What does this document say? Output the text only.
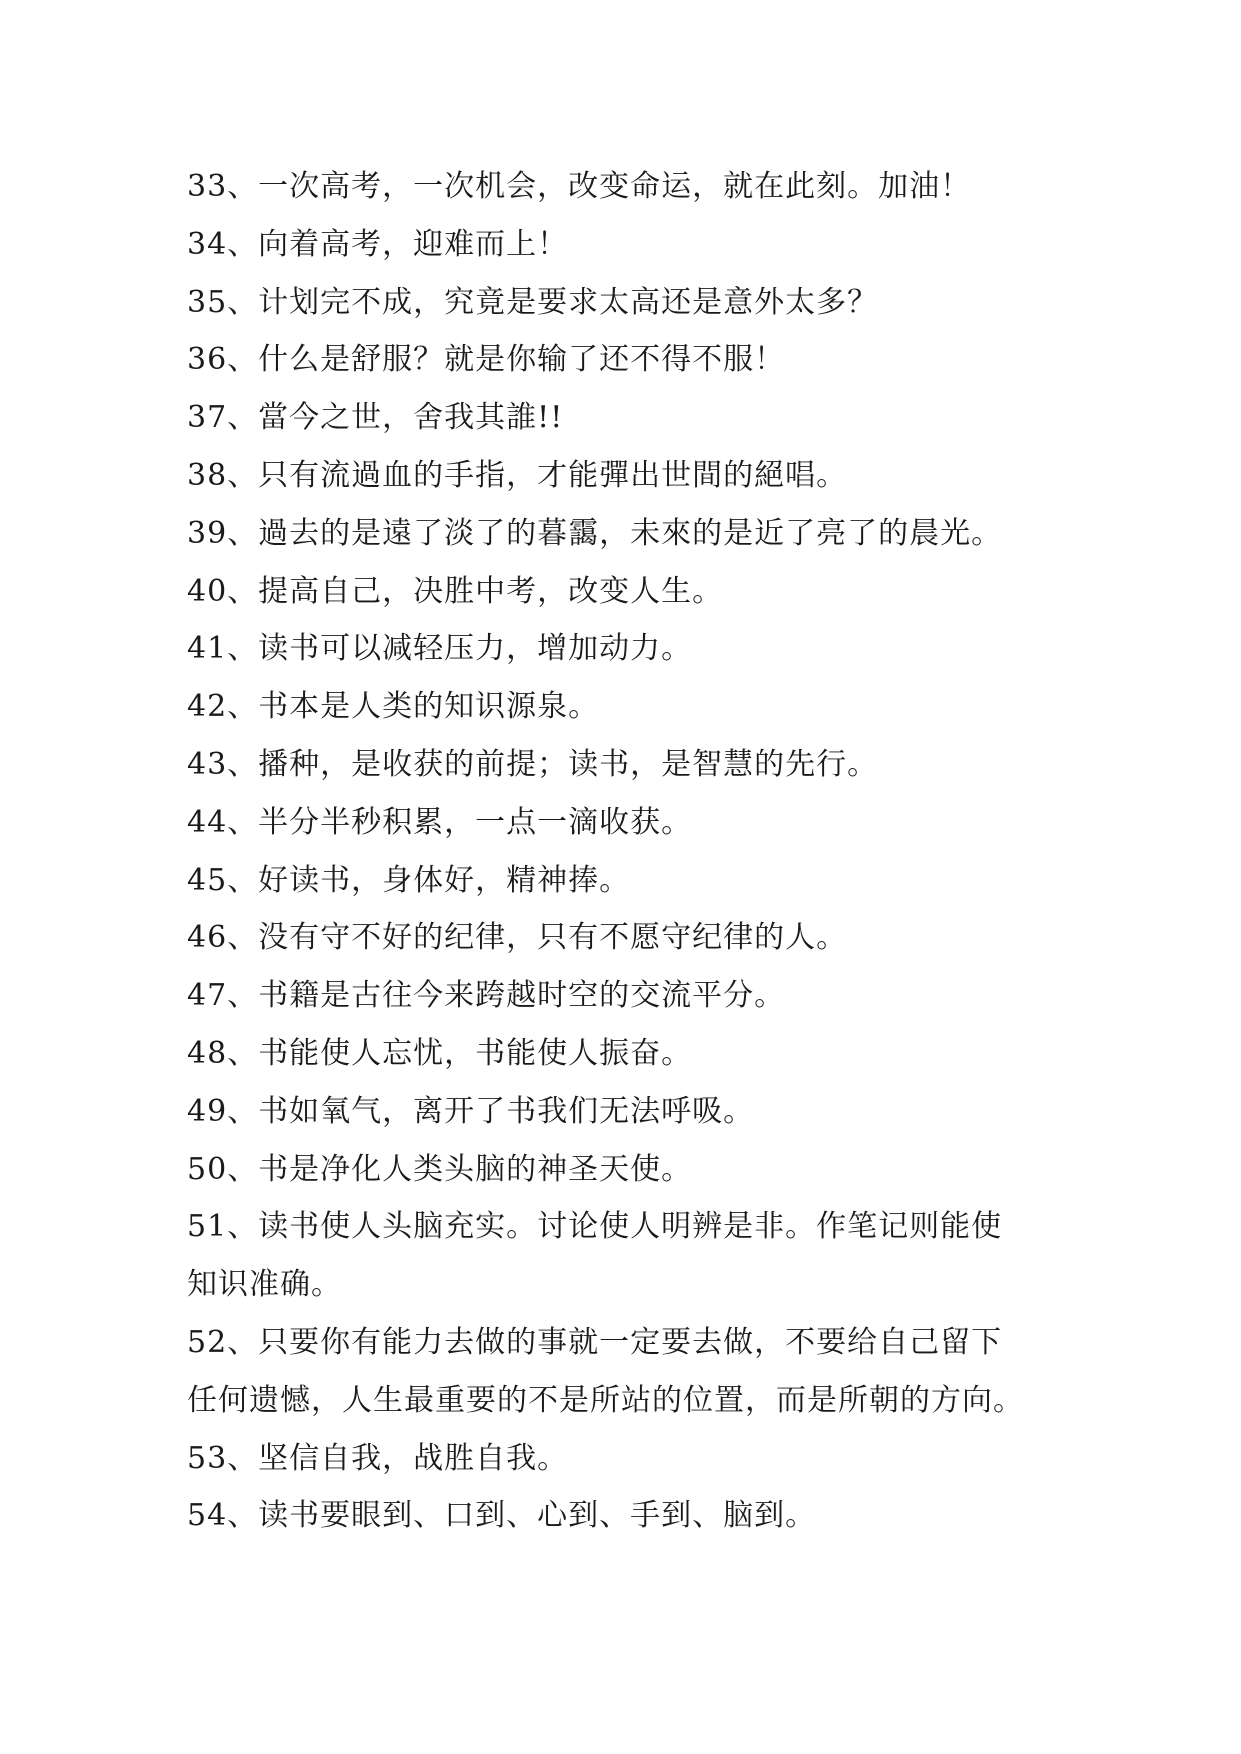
33、一次高考，一次机会，改变命运，就在此刻。加油！
34、向着高考，迎难而上！
35、计划完不成，究竟是要求太高还是意外太多？
36、什么是舒服？就是你输了还不得不服！
37、當今之世，舍我其誰!!
38、只有流過血的手指，才能彈出世間的絕唱。
39、過去的是遠了淡了的暮靄，未來的是近了亮了的晨光。
40、提高自己，决胜中考，改变人生。
41、读书可以减轻压力，增加动力。
42、书本是人类的知识源泉。
43、播种，是收获的前提；读书，是智慧的先行。
44、半分半秒积累，一点一滴收获。
45、好读书，身体好，精神捧。
46、没有守不好的纪律，只有不愿守纪律的人。
47、书籍是古往今来跨越时空的交流平分。
48、书能使人忘忧，书能使人振奋。
49、书如氧气，离开了书我们无法呼吸。
50、书是净化人类头脑的神圣天使。
51、读书使人头脑充实。讨论使人明辨是非。作笔记则能使
知识准确。
52、只要你有能力去做的事就一定要去做，不要给自己留下
任何遗憾，人生最重要的不是所站的位置，而是所朝的方向。
53、坚信自我，战胜自我。
54、读书要眼到、口到、心到、手到、脑到。
